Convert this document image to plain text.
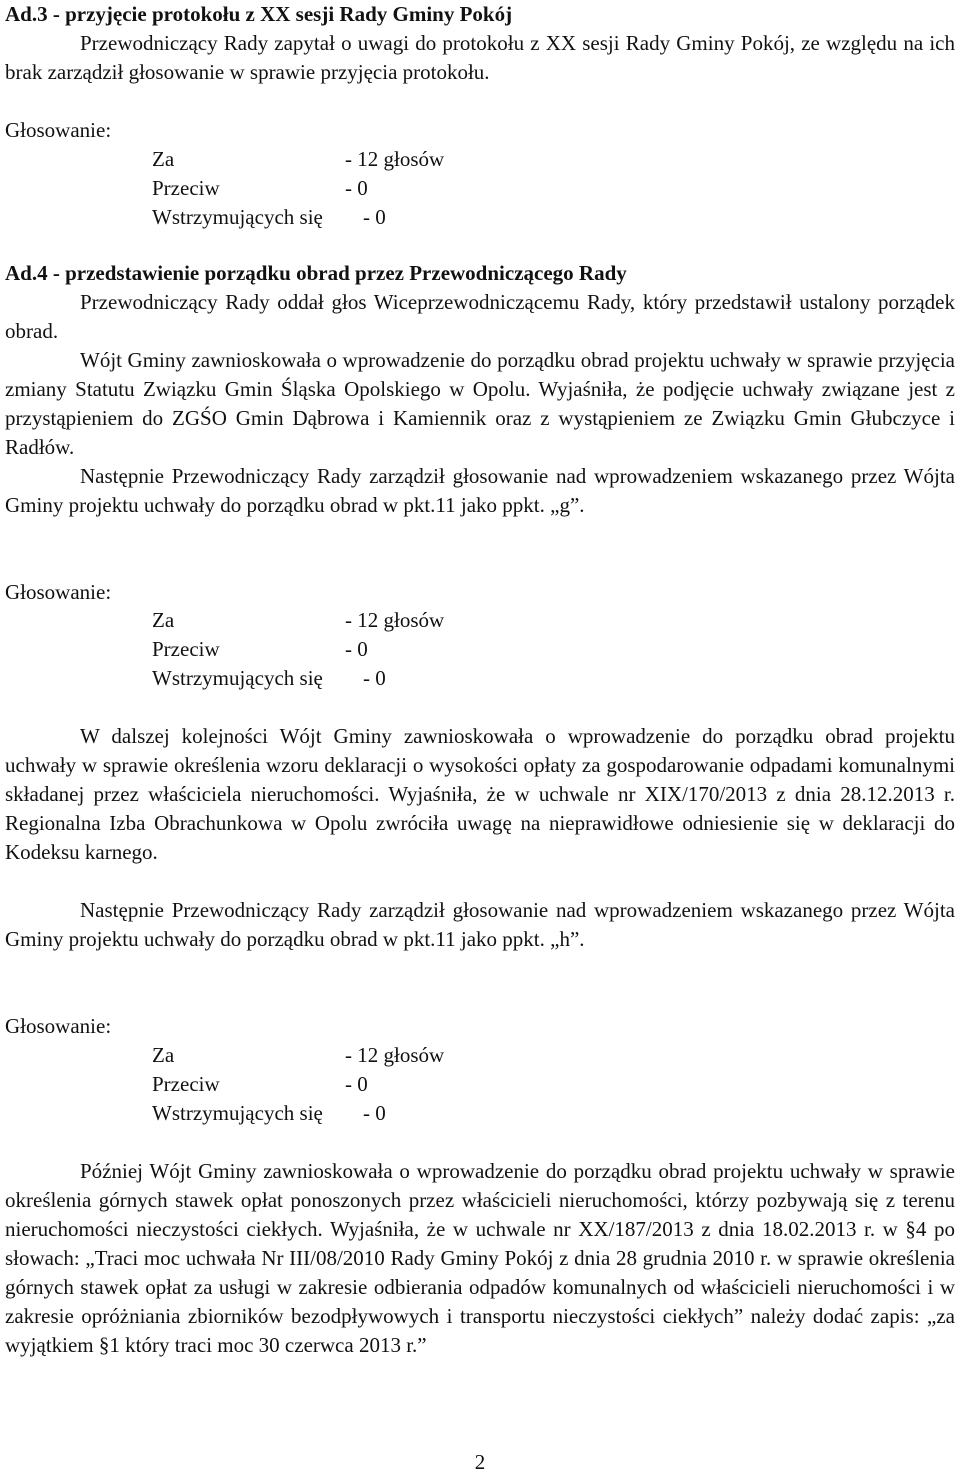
Ad.3 - przyjęcie protokołu z XX sesji Rady Gminy Pokój
Przewodniczący Rady zapytał o uwagi do protokołu z XX sesji Rady Gminy Pokój, ze względu na ich brak zarządził głosowanie w sprawie przyjęcia protokołu.
Głosowanie:
Za	- 12 głosów
Przeciw	- 0
Wstrzymujących się - 0
Ad.4 - przedstawienie porządku obrad przez Przewodniczącego Rady
Przewodniczący Rady oddał głos Wiceprzewodniczącemu Rady, który przedstawił ustalony porządek obrad.
Wójt Gminy zawnioskowała o wprowadzenie do porządku obrad projektu uchwały w sprawie przyjęcia zmiany Statutu Związku Gmin Śląska Opolskiego w Opolu. Wyjaśniła, że podjęcie uchwały związane jest z przystąpieniem do ZGŚO Gmin Dąbrowa i Kamiennik oraz z wystąpieniem ze Związku Gmin Głubczyce i Radłów.
Następnie Przewodniczący Rady zarządził głosowanie nad wprowadzeniem wskazanego przez Wójta Gminy projektu uchwały do porządku obrad w pkt.11 jako ppkt. „g”.
Głosowanie:
Za	- 12 głosów
Przeciw	- 0
Wstrzymujących się - 0
W dalszej kolejności Wójt Gminy zawnioskowała o wprowadzenie do porządku obrad projektu uchwały w sprawie określenia wzoru deklaracji o wysokości opłaty za gospodarowanie odpadami komunalnymi składanej przez właściciela nieruchomości. Wyjaśniła, że w uchwale nr XIX/170/2013 z dnia 28.12.2013 r. Regionalna Izba Obrachunkowa w Opolu zwróciła uwagę na nieprawidłowe odniesienie się w deklaracji do Kodeksu karnego.
Następnie Przewodniczący Rady zarządził głosowanie nad wprowadzeniem wskazanego przez Wójta Gminy projektu uchwały do porządku obrad w pkt.11 jako ppkt. „h”.
Głosowanie:
Za	- 12 głosów
Przeciw	- 0
Wstrzymujących się - 0
Później Wójt Gminy zawnioskowała o wprowadzenie do porządku obrad projektu uchwały w sprawie określenia górnych stawek opłat ponoszonych przez właścicieli nieruchomości, którzy pozbywają się z terenu nieruchomości nieczystości ciekłych. Wyjaśniła, że w uchwale nr XX/187/2013 z dnia 18.02.2013 r. w §4 po słowach: „Traci moc uchwała Nr III/08/2010 Rady Gminy Pokój z dnia 28 grudnia 2010 r. w sprawie określenia górnych stawek opłat za usługi w zakresie odbierania odpadów komunalnych od właścicieli nieruchomości i w zakresie opróżniania zbiorników bezodpływowych i transportu nieczystości ciekłych” należy dodać zapis: „za wyjątkiem §1 który traci moc 30 czerwca 2013 r.”
2
